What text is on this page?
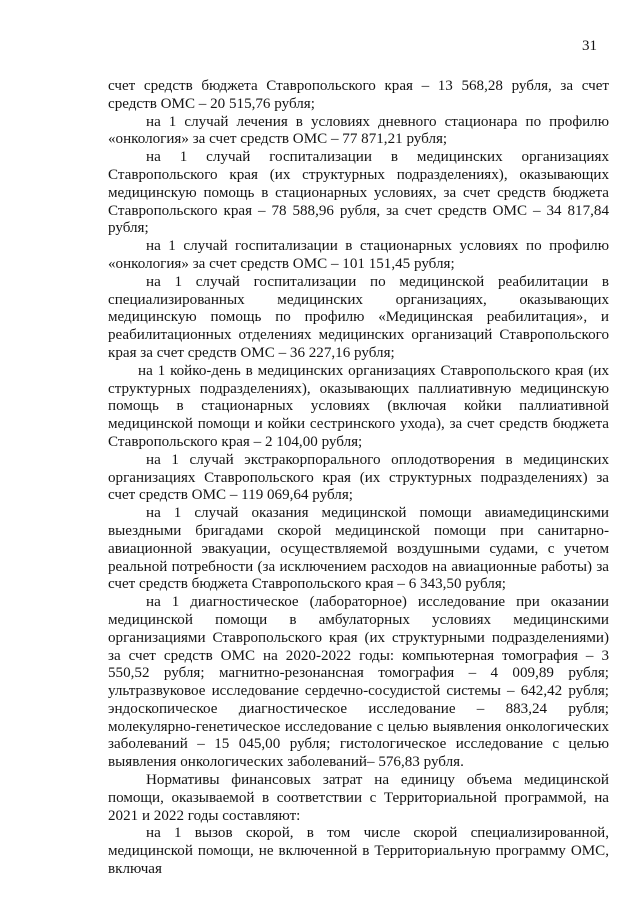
31

счет средств бюджета Ставропольского края – 13 568,28 рубля, за счет средств ОМС – 20 515,76 рубля;

на 1 случай лечения в условиях дневного стационара по профилю «онкология» за счет средств ОМС – 77 871,21 рубля;

на 1 случай госпитализации в медицинских организациях Ставропольского края (их структурных подразделениях), оказывающих медицинскую помощь в стационарных условиях, за счет средств бюджета Ставропольского края – 78 588,96 рубля, за счет средств ОМС – 34 817,84 рубля;

на 1 случай госпитализации в стационарных условиях по профилю «онкология» за счет средств ОМС – 101 151,45 рубля;

на 1 случай госпитализации по медицинской реабилитации в специализированных медицинских организациях, оказывающих медицинскую помощь по профилю «Медицинская реабилитация», и реабилитационных отделениях медицинских организаций Ставропольского края за счет средств ОМС – 36 227,16 рубля;

на 1 койко-день в медицинских организациях Ставропольского края (их структурных подразделениях), оказывающих паллиативную медицинскую помощь в стационарных условиях (включая койки паллиативной медицинской помощи и койки сестринского ухода), за счет средств бюджета Ставропольского края – 2 104,00 рубля;

на 1 случай экстракорпорального оплодотворения в медицинских организациях Ставропольского края (их структурных подразделениях) за счет средств ОМС – 119 069,64 рубля;

на 1 случай оказания медицинской помощи авиамедицинскими выездными бригадами скорой медицинской помощи при санитарно-авиационной эвакуации, осуществляемой воздушными судами, с учетом реальной потребности (за исключением расходов на авиационные работы) за счет средств бюджета Ставропольского края – 6 343,50 рубля;

на 1 диагностическое (лабораторное) исследование при оказании медицинской помощи в амбулаторных условиях медицинскими организациями Ставропольского края (их структурными подразделениями) за счет средств ОМС на 2020-2022 годы: компьютерная томография – 3 550,52 рубля; магнитно-резонансная томография – 4 009,89 рубля; ультразвуковое исследование сердечно-сосудистой системы – 642,42 рубля; эндоскопическое диагностическое исследование – 883,24 рубля; молекулярно-генетическое исследование с целью выявления онкологических заболеваний – 15 045,00 рубля; гистологическое исследование с целью выявления онкологических заболеваний– 576,83 рубля.

Нормативы финансовых затрат на единицу объема медицинской помощи, оказываемой в соответствии с Территориальной программой, на 2021 и 2022 годы составляют:

на 1 вызов скорой, в том числе скорой специализированной, медицинской помощи, не включенной в Территориальную программу ОМС, включая
